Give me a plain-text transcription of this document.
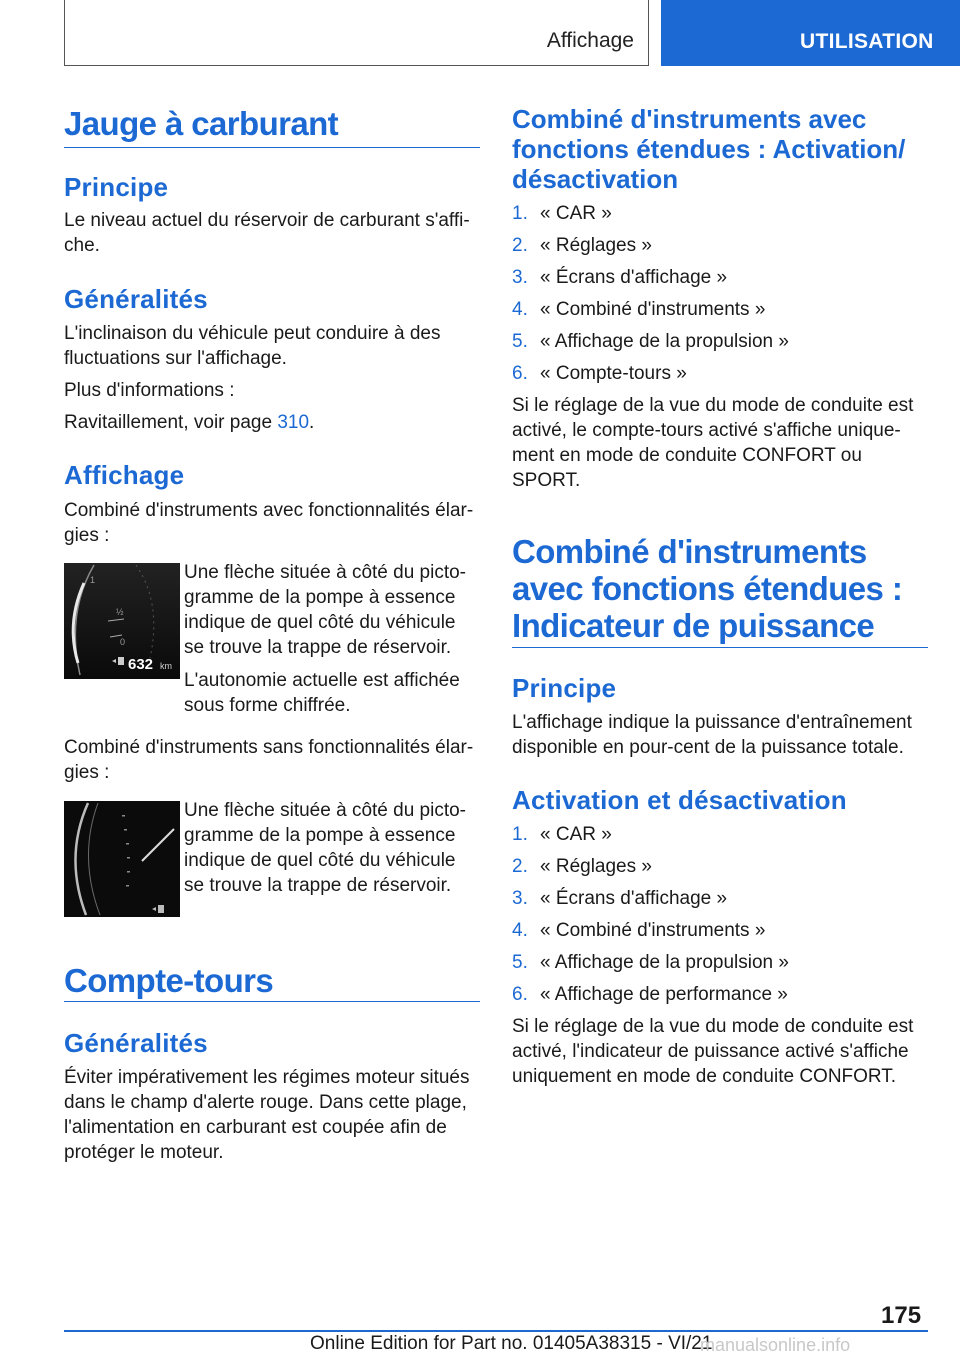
Affichage	UTILISATION
Jauge à carburant
Principe
Le niveau actuel du réservoir de carburant s'affi‐ che.
Généralités
L'inclinaison du véhicule peut conduire à des fluctuations sur l'affichage.
Plus d'informations :
Ravitaillement, voir page 310.
Affichage
Combiné d'instruments avec fonctionnalités élar‐ gies :
1
½
0
632 km
Une flèche située à côté du picto‐ gramme de la pompe à essence indique de quel côté du véhicule se trouve la trappe de réservoir.
L'autonomie actuelle est affichée sous forme chiffrée.
Combiné d'instruments sans fonctionnalités élar‐ gies :
Une flèche située à côté du picto‐ gramme de la pompe à essence indique de quel côté du véhicule se trouve la trappe de réservoir.
Compte-tours
Généralités
Éviter impérativement les régimes moteur situés dans le champ d'alerte rouge. Dans cette plage, l'alimentation en carburant est coupée afin de protéger le moteur.
Combiné d'instruments avec fonctions étendues : Activation/ désactivation
1. « CAR »
2. « Réglages »
3. « Écrans d'affichage »
4. « Combiné d'instruments »
5. « Affichage de la propulsion »
6. « Compte-tours »
Si le réglage de la vue du mode de conduite est activé, le compte-tours activé s'affiche unique‐ ment en mode de conduite CONFORT ou SPORT.
Combiné d'instruments avec fonctions étendues : Indicateur de puissance
Principe
L'affichage indique la puissance d'entraînement disponible en pour-cent de la puissance totale.
Activation et désactivation
1. « CAR »
2. « Réglages »
3. « Écrans d'affichage »
4. « Combiné d'instruments »
5. « Affichage de la propulsion »
6. « Affichage de performance »
Si le réglage de la vue du mode de conduite est activé, l'indicateur de puissance activé s'affiche uniquement en mode de conduite CONFORT.
175
Online Edition for Part no. 01405A38315 - VI/21
manualsonline.info
